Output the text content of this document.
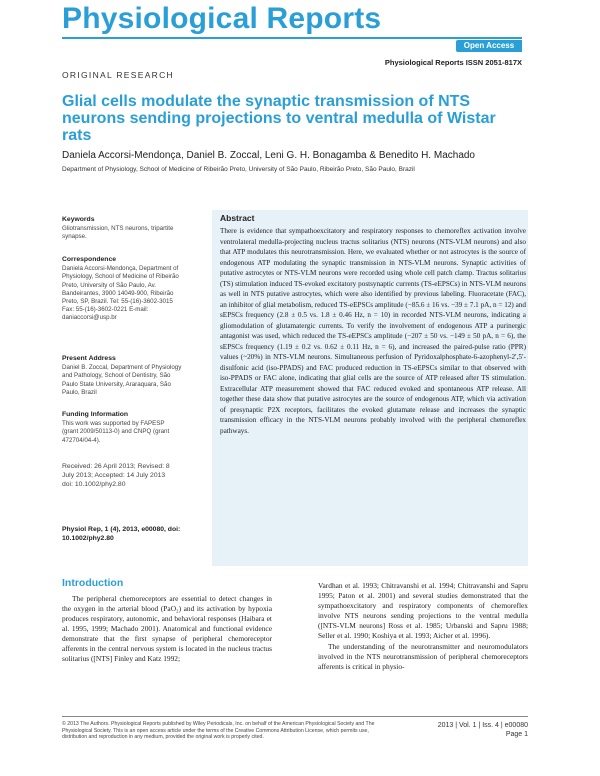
Physiological Reports
Open Access
Physiological Reports ISSN 2051-817X
ORIGINAL RESEARCH
Glial cells modulate the synaptic transmission of NTS neurons sending projections to ventral medulla of Wistar rats
Daniela Accorsi-Mendonça, Daniel B. Zoccal, Leni G. H. Bonagamba & Benedito H. Machado
Department of Physiology, School of Medicine of Ribeirão Preto, University of São Paulo, Ribeirão Preto, São Paulo, Brazil
Keywords
Gliotransmission, NTS neurons, tripartite synapse.
Correspondence
Daniela Accorsi-Mendonça, Department of Physiology, School of Medicine of Ribeirão Preto, University of São Paulo, Av. Bandeirantes, 3900 14049-900, Ribeirão Preto, SP, Brazil. Tel: 55-(16)-3602-3015 Fax: 55-(16)-3602-0221 E-mail: daniaccorsi@usp.br
Present Address
Daniel B. Zoccal, Department of Physiology and Pathology, School of Dentistry, São Paulo State University, Araraquara, São Paulo, Brazil
Funding Information
This work was supported by FAPESP (grant 2009/50113-0) and CNPQ (grant 472704/04-4).
Received: 26 April 2013; Revised: 8 July 2013; Accepted: 14 July 2013
doi: 10.1002/phy2.80
Physiol Rep, 1 (4), 2013, e00080, doi: 10.1002/phy2.80
Abstract
There is evidence that sympathoexcitatory and respiratory responses to chemoreflex activation involve ventrolateral medulla-projecting nucleus tractus solitarius (NTS) neurons (NTS-VLM neurons) and also that ATP modulates this neurotransmission. Here, we evaluated whether or not astrocytes is the source of endogenous ATP modulating the synaptic transmission in NTS-VLM neurons. Synaptic activities of putative astrocytes or NTS-VLM neurons were recorded using whole cell patch clamp. Tractus solitarius (TS) stimulation induced TS-evoked excitatory postsynaptic currents (TS-eEPSCs) in NTS-VLM neurons as well in NTS putative astrocytes, which were also identified by previous labeling. Fluoracetate (FAC), an inhibitor of glial metabolism, reduced TS-eEPSCs amplitude (−85.6 ± 16 vs. −39 ± 7.1 pA, n = 12) and sEPSCs frequency (2.8 ± 0.5 vs. 1.8 ± 0.46 Hz, n = 10) in recorded NTS-VLM neurons, indicating a gliomodulation of glutamatergic currents. To verify the involvement of endogenous ATP a purinergic antagonist was used, which reduced the TS-eEPSCs amplitude (−207 ± 50 vs. −149 ± 50 pA, n = 6), the sEPSCs frequency (1.19 ± 0.2 vs. 0.62 ± 0.11 Hz, n = 6), and increased the paired-pulse ratio (PPR) values (~20%) in NTS-VLM neurons. Simultaneous perfusion of Pyridoxalphosphate-6-azophenyl-2′,5′-disulfonic acid (iso-PPADS) and FAC produced reduction in TS-eEPSCs similar to that observed with iso-PPADS or FAC alone, indicating that glial cells are the source of ATP released after TS stimulation. Extracellular ATP measurement showed that FAC reduced evoked and spontaneous ATP release. All together these data show that putative astrocytes are the source of endogenous ATP, which via activation of presynaptic P2X receptors, facilitates the evoked glutamate release and increases the synaptic transmission efficacy in the NTS-VLM neurons probably involved with the peripheral chemoreflex pathways.
Introduction
The peripheral chemoreceptors are essential to detect changes in the oxygen in the arterial blood (PaO₂) and its activation by hypoxia produces respiratory, autonomic, and behavioral responses (Haibara et al. 1995, 1999; Machado 2001). Anatomical and functional evidence demonstrate that the first synapse of peripheral chemoreceptor afferents in the central nervous system is located in the nucleus tractus solitarius ([NTS] Finley and Katz 1992;
Vardhan et al. 1993; Chitravanshi et al. 1994; Chitravanshi and Sapru 1995; Paton et al. 2001) and several studies demonstrated that the sympathoexcitatory and respiratory components of chemoreflex involve NTS neurons sending projections to the ventral medulla ([NTS-VLM neurons] Ross et al. 1985; Urbanski and Sapru 1988; Seller et al. 1990; Koshiya et al. 1993; Aicher et al. 1996).
The understanding of the neurotransmitter and neuromodulators involved in the NTS neurotransmission of peripheral chemoreceptors afferents is critical in physio-
© 2013 The Authors. Physiological Reports published by Wiley Periodicals, Inc. on behalf of the American Physiological Society and The Physiological Society. This is an open access article under the terms of the Creative Commons Attribution License, which permits use, distribution and reproduction in any medium, provided the original work is properly cited.
2013 | Vol. 1 | Iss. 4 | e00080
Page 1
